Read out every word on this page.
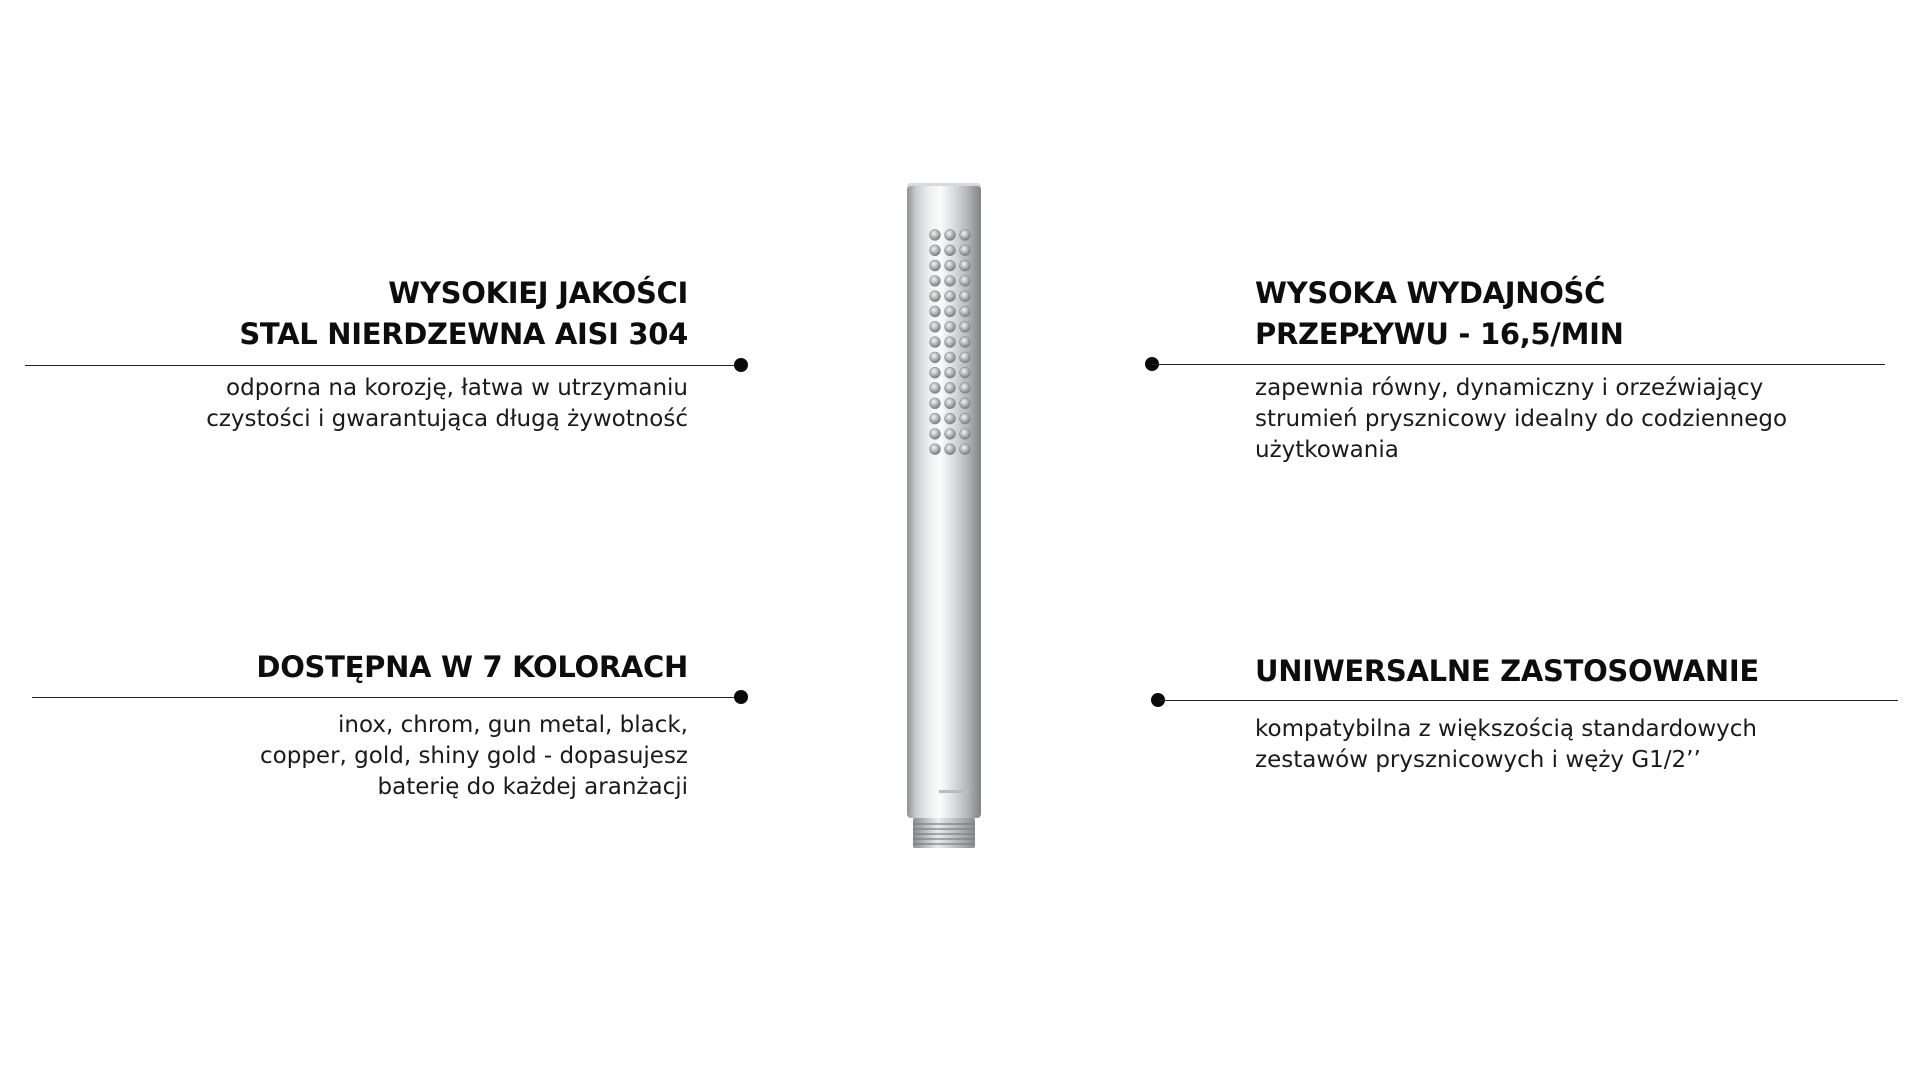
WYSOKIEJ JAKOŚCI
STAL NIERDZEWNA AISI 304
odporna na korozję, łatwa w utrzymaniu
czystości i gwarantująca długą żywotność
DOSTĘPNA W 7 KOLORACH
inox, chrom, gun metal, black,
copper, gold, shiny gold - dopasujesz
baterię do każdej aranżacji
WYSOKA WYDAJNOŚĆ
PRZEPŁYWU - 16,5/MIN
zapewnia równy, dynamiczny i orzeźwiający
strumień prysznicowy idealny do codziennego
użytkowania
UNIWERSALNE ZASTOSOWANIE
kompatybilna z większością standardowych
zestawów prysznicowych i węży G1/2’’
